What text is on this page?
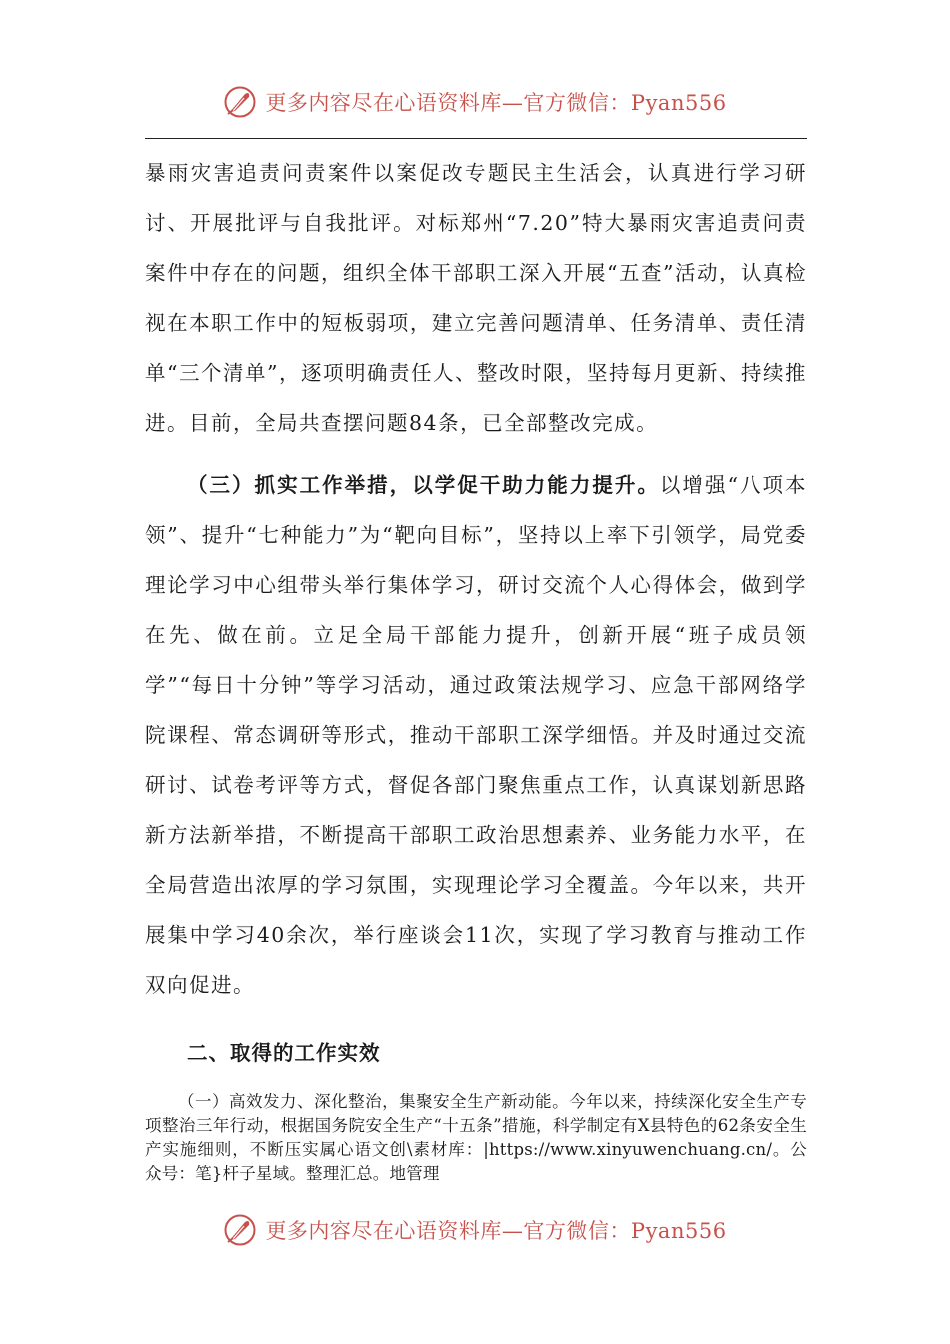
更多内容尽在心语资料库—官方微信：Pyan556

暴雨灾害追责问责案件以案促改专题民主生活会，认真进行学习研讨、开展批评与自我批评。对标郑州“7.20”特大暴雨灾害追责问责案件中存在的问题，组织全体干部职工深入开展“五查”活动，认真检视在本职工作中的短板弱项，建立完善问题清单、任务清单、责任清单“三个清单”，逐项明确责任人、整改时限，坚持每月更新、持续推进。目前，全局共查摆问题84条，已全部整改完成。

（三）抓实工作举措，以学促干助力能力提升。以增强“八项本领”、提升“七种能力”为“靶向目标”，坚持以上率下引领学，局党委理论学习中心组带头举行集体学习，研讨交流个人心得体会，做到学在先、做在前。立足全局干部能力提升，创新开展“班子成员领学”“每日十分钟”等学习活动，通过政策法规学习、应急干部网络学院课程、常态调研等形式，推动干部职工深学细悟。并及时通过交流研讨、试卷考评等方式，督促各部门聚焦重点工作，认真谋划新思路新方法新举措，不断提高干部职工政治思想素养、业务能力水平，在全局营造出浓厚的学习氛围，实现理论学习全覆盖。今年以来，共开展集中学习40余次，举行座谈会11次，实现了学习教育与推动工作双向促进。

二、取得的工作实效

（一）高效发力、深化整治，集聚安全生产新动能。今年以来，持续深化安全生产专项整治三年行动，根据国务院安全生产“十五条”措施，科学制定有X县特色的62条安全生产实施细则，不断压实属心语文创\素材库：|https://www.xinyuwenchuang.cn/。公众号：笔}杆子星域。整理汇总。地管理

更多内容尽在心语资料库—官方微信：Pyan556
